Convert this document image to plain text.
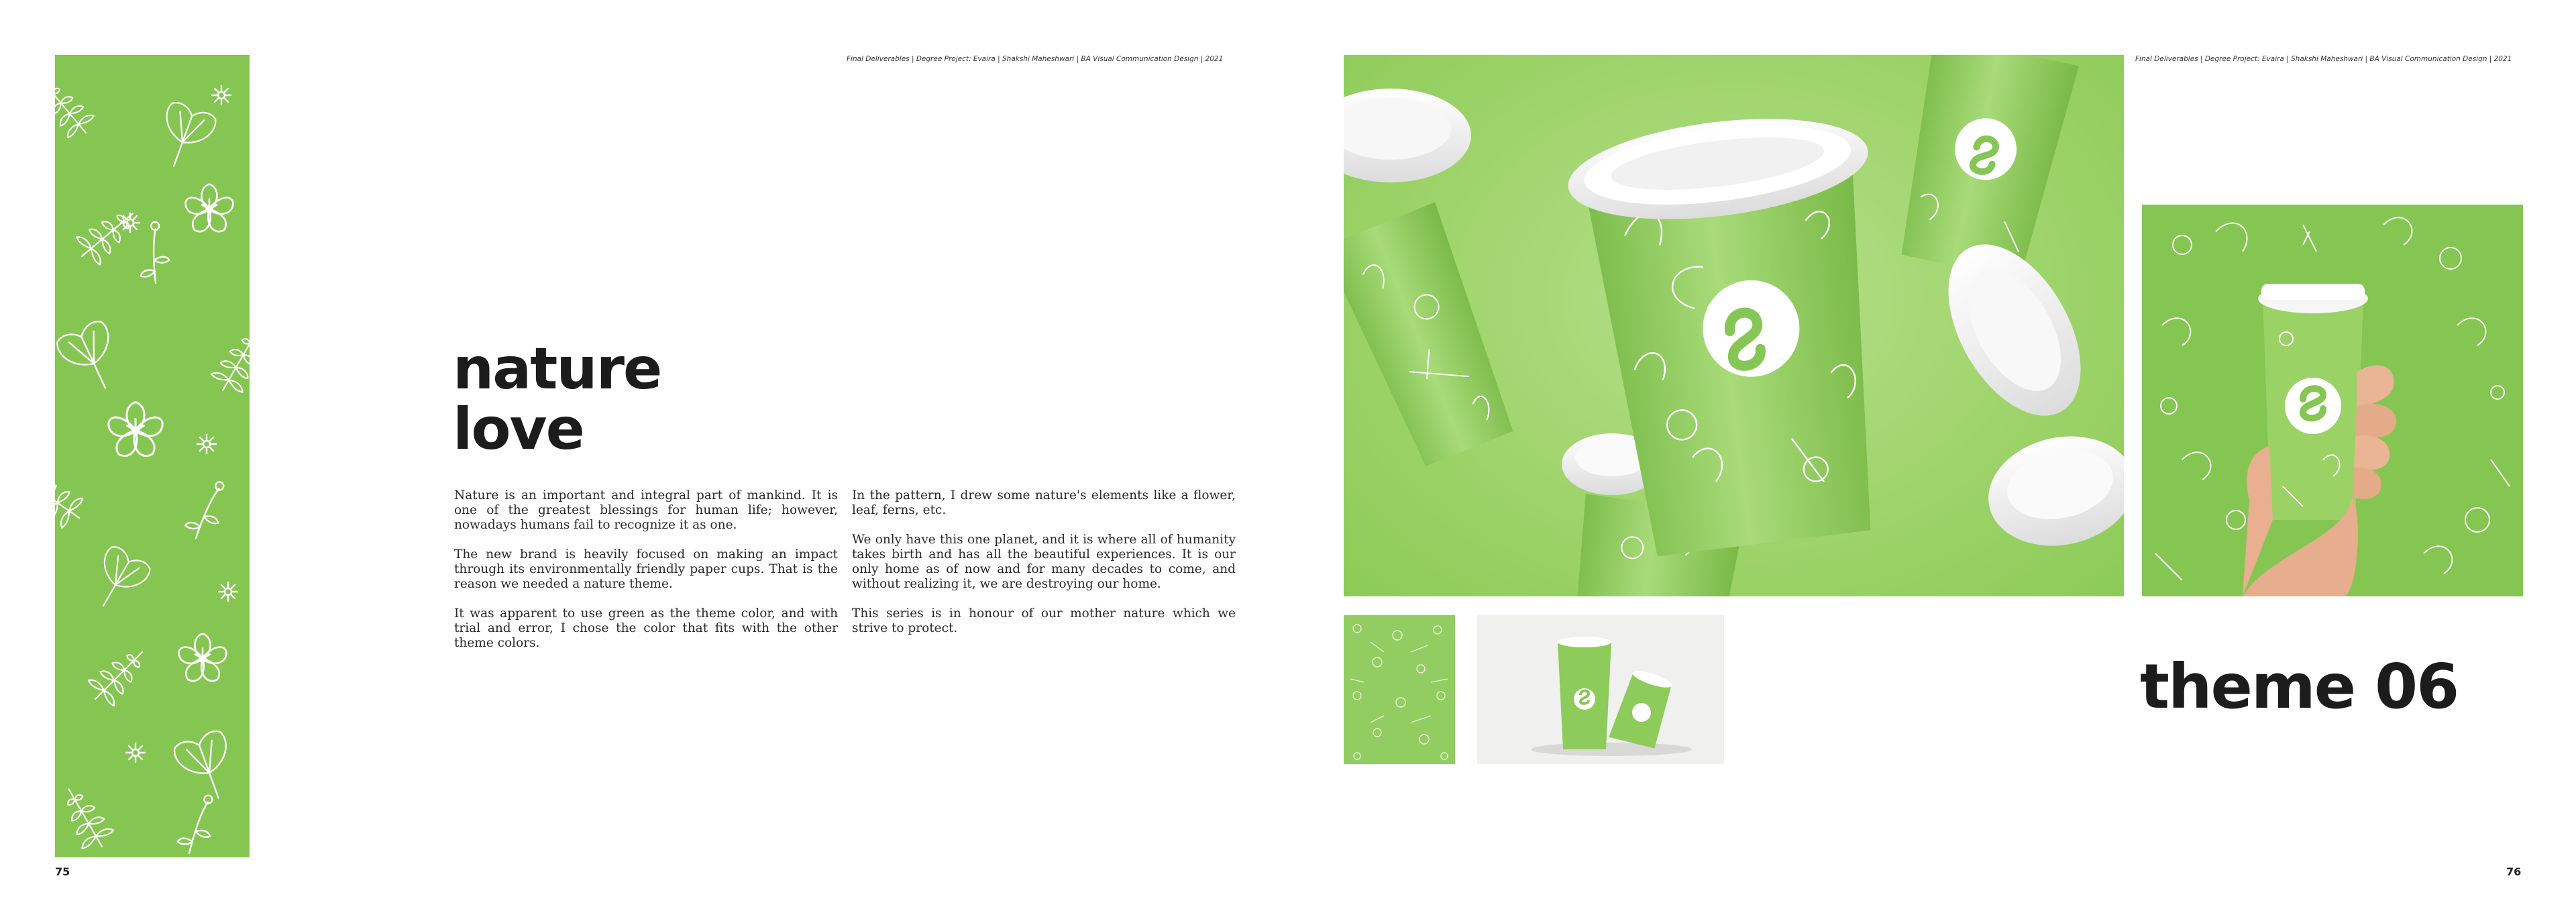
Final Deliverables | Degree Project: Evaira | Shakshi Maheshwari | BA Visual Communication Design | 2021	Final Deliverables | Degree Project: Evaira | Shakshi Maheshwari | BA Visual Communication Design | 2021
nature
love

Nature is an important and integral part of mankind. It is one of the greatest blessings for human life; however, nowadays humans fail to recognize it as one.

The new brand is heavily focused on making an impact through its environmentally friendly paper cups. That is the reason we needed a nature theme.

It was apparent to use green as the theme color, and with trial and error, I chose the color that fits with the other theme colors.

In the pattern, I drew some nature's elements like a flower, leaf, ferns, etc.

We only have this one planet, and it is where all of humanity takes birth and has all the beautiful experiences. It is our only home as of now and for many decades to come, and without realizing it, we are destroying our home.

This series is in honour of our mother nature which we strive to protect.

theme 06
75	76
